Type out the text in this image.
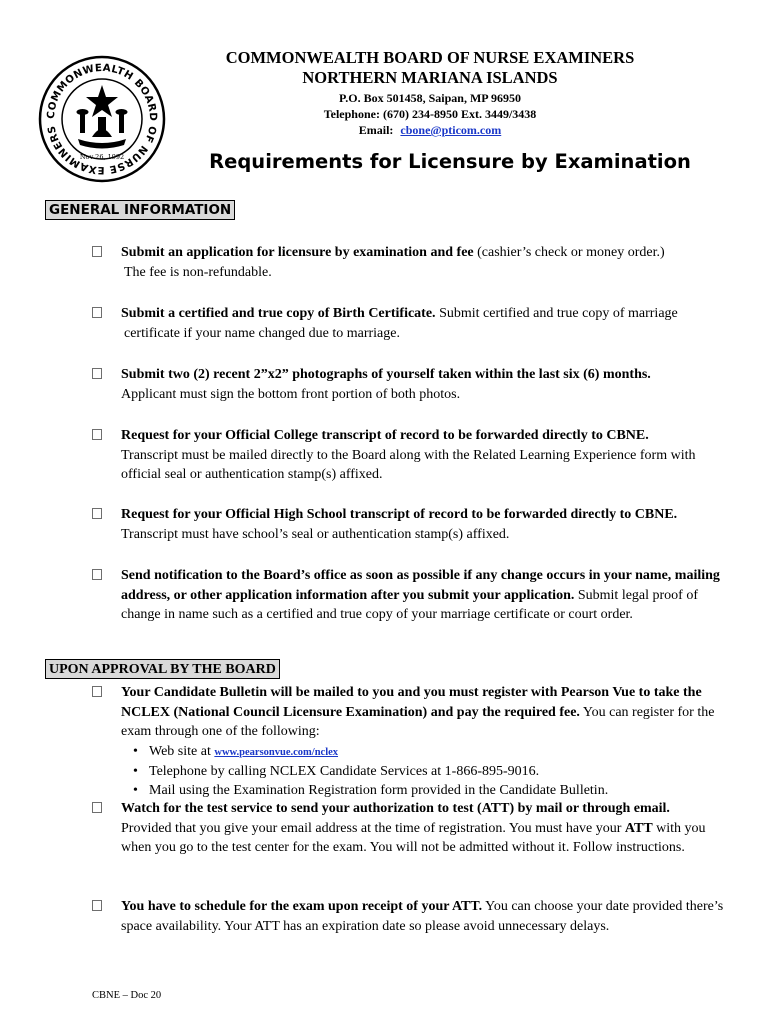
COMMONWEALTH BOARD OF NURSE EXAMINERS
Nov 26, 1992
COMMONWEALTH BOARD OF NURSE EXAMINERS
NORTHERN MARIANA ISLANDS
P.O. Box 501458, Saipan, MP 96950
Telephone: (670) 234-8950 Ext. 3449/3438
Email: cbone@pticom.com
Requirements for Licensure by Examination
GENERAL INFORMATION
Submit an application for licensure by examination and fee (cashier’s check or money order.)
The fee is non-refundable.
Submit a certified and true copy of Birth Certificate. Submit certified and true copy of marriage
certificate if your name changed due to marriage.
Submit two (2) recent 2”x2” photographs of yourself taken within the last six (6) months.
Applicant must sign the bottom front portion of both photos.
Request for your Official College transcript of record to be forwarded directly to CBNE.
Transcript must be mailed directly to the Board along with the Related Learning Experience form with official seal or authentication stamp(s) affixed.
Request for your Official High School transcript of record to be forwarded directly to CBNE.
Transcript must have school’s seal or authentication stamp(s) affixed.
Send notification to the Board’s office as soon as possible if any change occurs in your name, mailing address, or other application information after you submit your application. Submit legal proof of change in name such as a certified and true copy of your marriage certificate or court order.
UPON APPROVAL BY THE BOARD
Your Candidate Bulletin will be mailed to you and you must register with Pearson Vue to take the NCLEX (National Council Licensure Examination) and pay the required fee. You can register for the exam through one of the following:
• Web site at www.pearsonvue.com/nclex
• Telephone by calling NCLEX Candidate Services at 1-866-895-9016.
• Mail using the Examination Registration form provided in the Candidate Bulletin.
Watch for the test service to send your authorization to test (ATT) by mail or through email.
Provided that you give your email address at the time of registration. You must have your ATT with you when you go to the test center for the exam. You will not be admitted without it. Follow instructions.
You have to schedule for the exam upon receipt of your ATT. You can choose your date provided there’s space availability. Your ATT has an expiration date so please avoid unnecessary delays.
CBNE – Doc 20
